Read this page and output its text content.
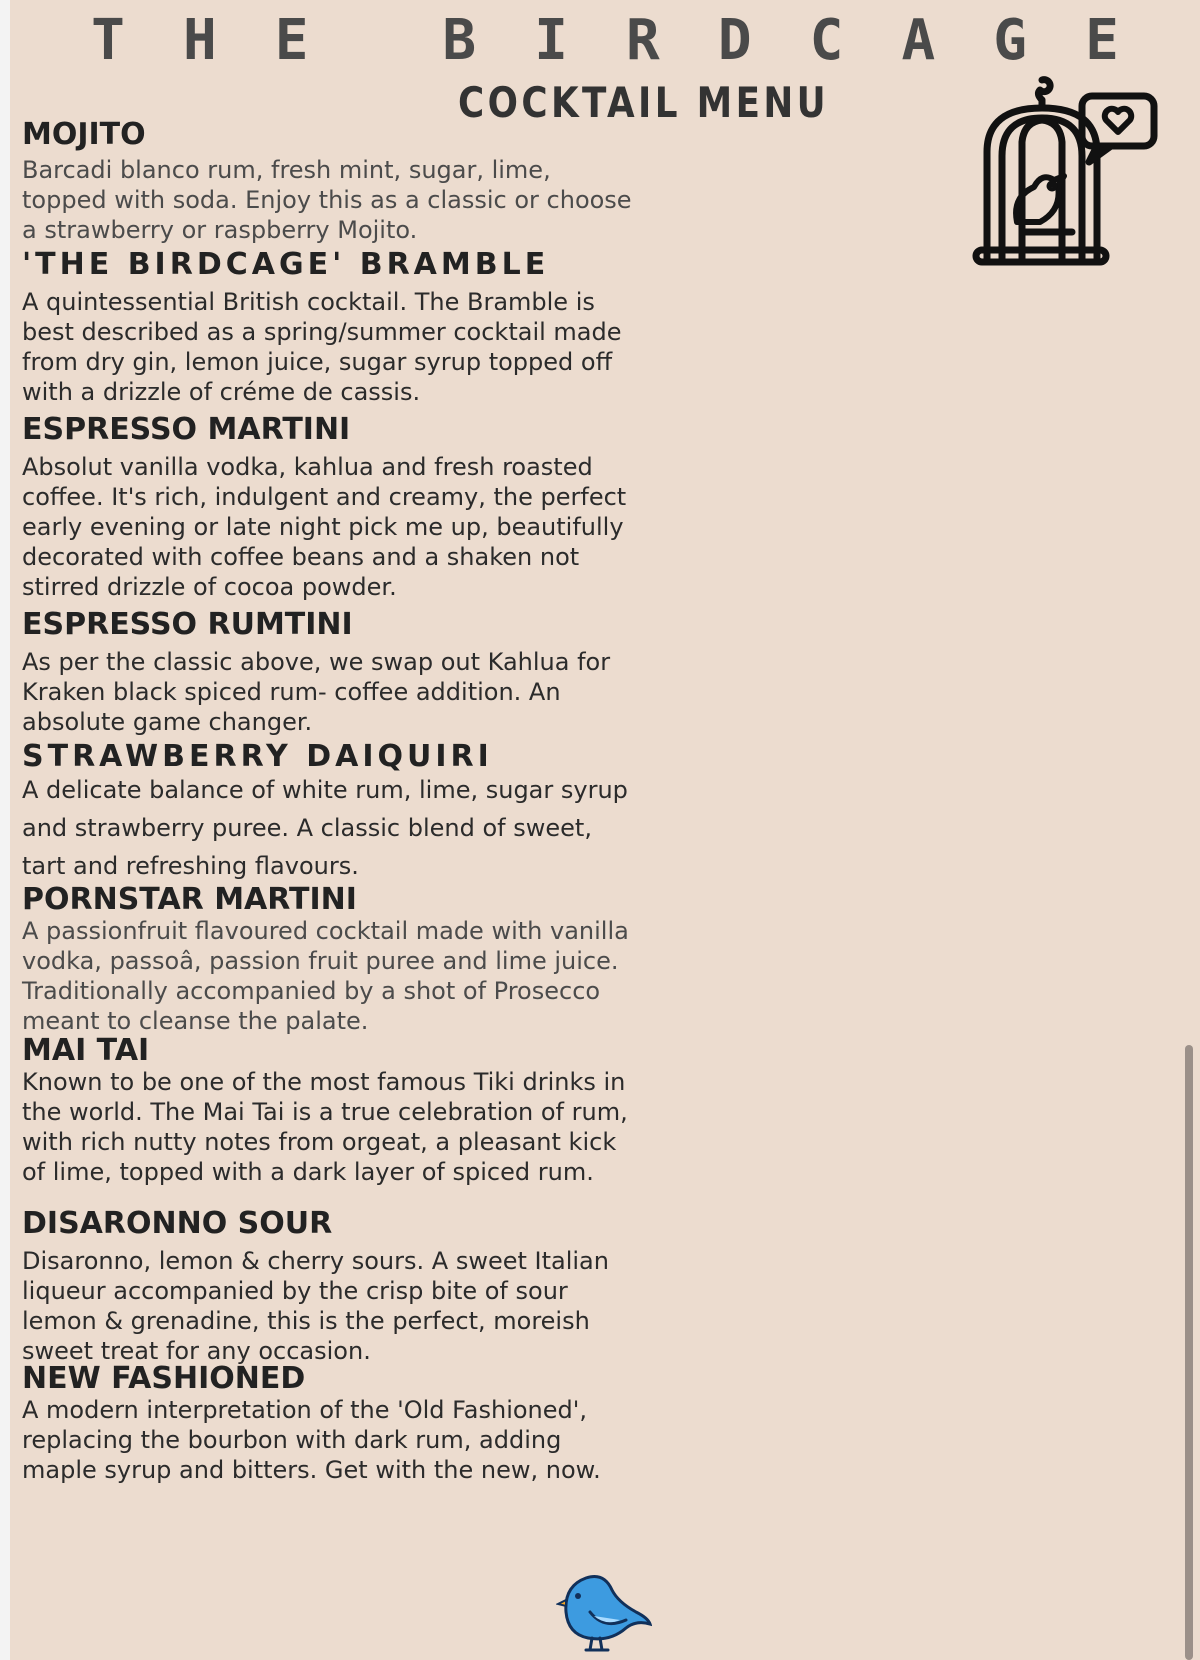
T H E B I R D C A G E
COCKTAIL MENU
MOJITO
Barcadi blanco rum, fresh mint, sugar, lime, topped with soda. Enjoy this as a classic or choose a strawberry or raspberry Mojito.
'THE BIRDCAGE' BRAMBLE
A quintessential British cocktail. The Bramble is best described as a spring/summer cocktail made from dry gin, lemon juice, sugar syrup topped off with a drizzle of créme de cassis.
ESPRESSO MARTINI
Absolut vanilla vodka, kahlua and fresh roasted coffee. It's rich, indulgent and creamy, the perfect early evening or late night pick me up, beautifully decorated with coffee beans and a shaken not stirred drizzle of cocoa powder.
ESPRESSO RUMTINI
As per the classic above, we swap out Kahlua for Kraken black spiced rum- coffee addition. An absolute game changer.
STRAWBERRY DAIQUIRI
A delicate balance of white rum, lime, sugar syrup and strawberry puree. A classic blend of sweet, tart and refreshing flavours.
PORNSTAR MARTINI
A passionfruit flavoured cocktail made with vanilla vodka, passoâ, passion fruit puree and lime juice. Traditionally accompanied by a shot of Prosecco meant to cleanse the palate.
MAI TAI
Known to be one of the most famous Tiki drinks in the world. The Mai Tai is a true celebration of rum, with rich nutty notes from orgeat, a pleasant kick of lime, topped with a dark layer of spiced rum.
DISARONNO SOUR
Disaronno, lemon & cherry sours. A sweet Italian liqueur accompanied by the crisp bite of sour lemon & grenadine, this is the perfect, moreish sweet treat for any occasion.
NEW FASHIONED
A modern interpretation of the 'Old Fashioned', replacing the bourbon with dark rum, adding maple syrup and bitters. Get with the new, now.
